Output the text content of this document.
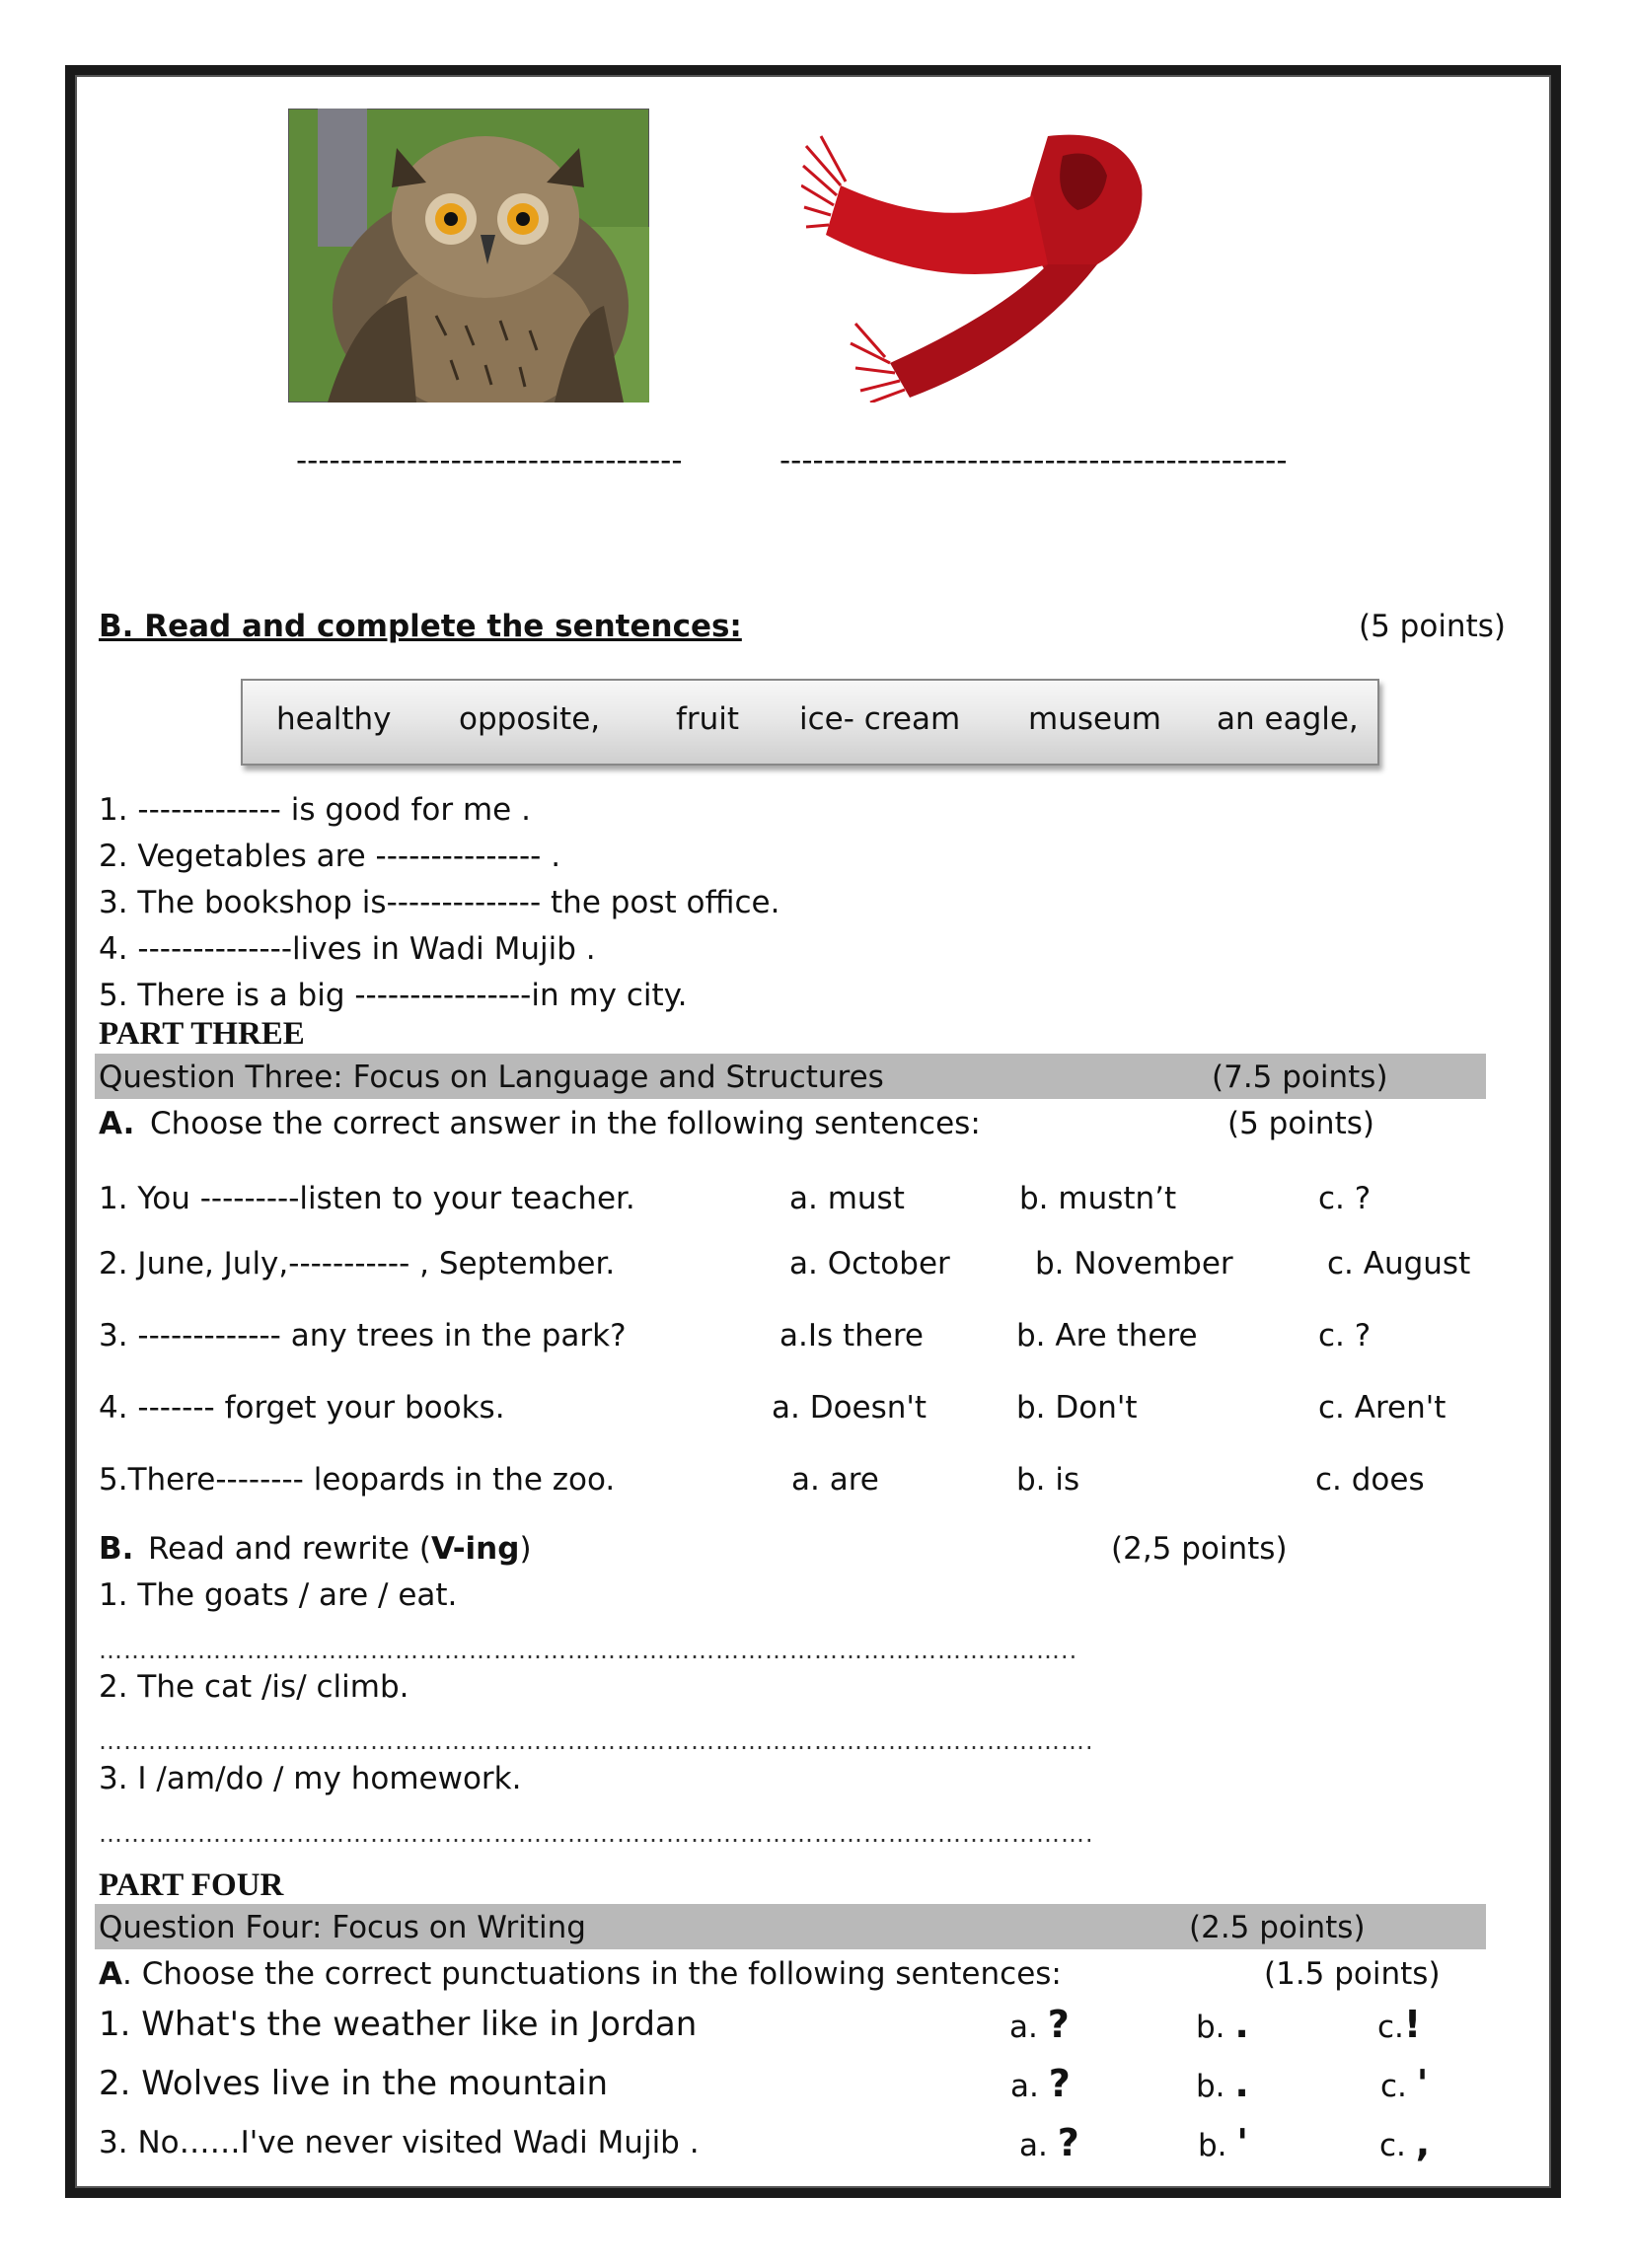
-----------------------------------	----------------------------------------------
B. Read and complete the sentences:	(5 points)
healthy opposite, fruit ice- cream museum an eagle,
1. ------------- is good for me .
2. Vegetables are --------------- .
3. The bookshop is-------------- the post office.
4. --------------lives in Wadi Mujib .
5. There is a big ----------------in my city.
PART THREE
Question Three: Focus on Language and Structures	(7.5 points)
A. Choose the correct answer in the following sentences:	(5 points)
1. You ---------listen to your teacher.	a. must	b. mustn’t	c. ?
2. June, July,----------- , September.	a. October	b. November	c. August
3. ------------- any trees in the park?	a.Is there	b. Are there	c. ?
4. ------- forget your books.	a. Doesn't	b. Don't	c. Aren't
5.There-------- leopards in the zoo.	a. are	b. is	c. does
B. Read and rewrite (V-ing)	(2,5 points)
1. The goats / are / eat.
………………………………………………………………………………………………………..
2. The cat /is/ climb.
………………………………………………………………………………………………………….
3. I /am/do / my homework.
………………………………………………………………………………………………………….
PART FOUR
Question Four: Focus on Writing	(2.5 points)
A. Choose the correct punctuations in the following sentences:	(1.5 points)
1. What's the weather like in Jordan	a. ?	b. .	c.!
2. Wolves live in the mountain	a. ?	b. .	c. '
3. No……I've never visited Wadi Mujib .	a. ?	b. '	c. ,
